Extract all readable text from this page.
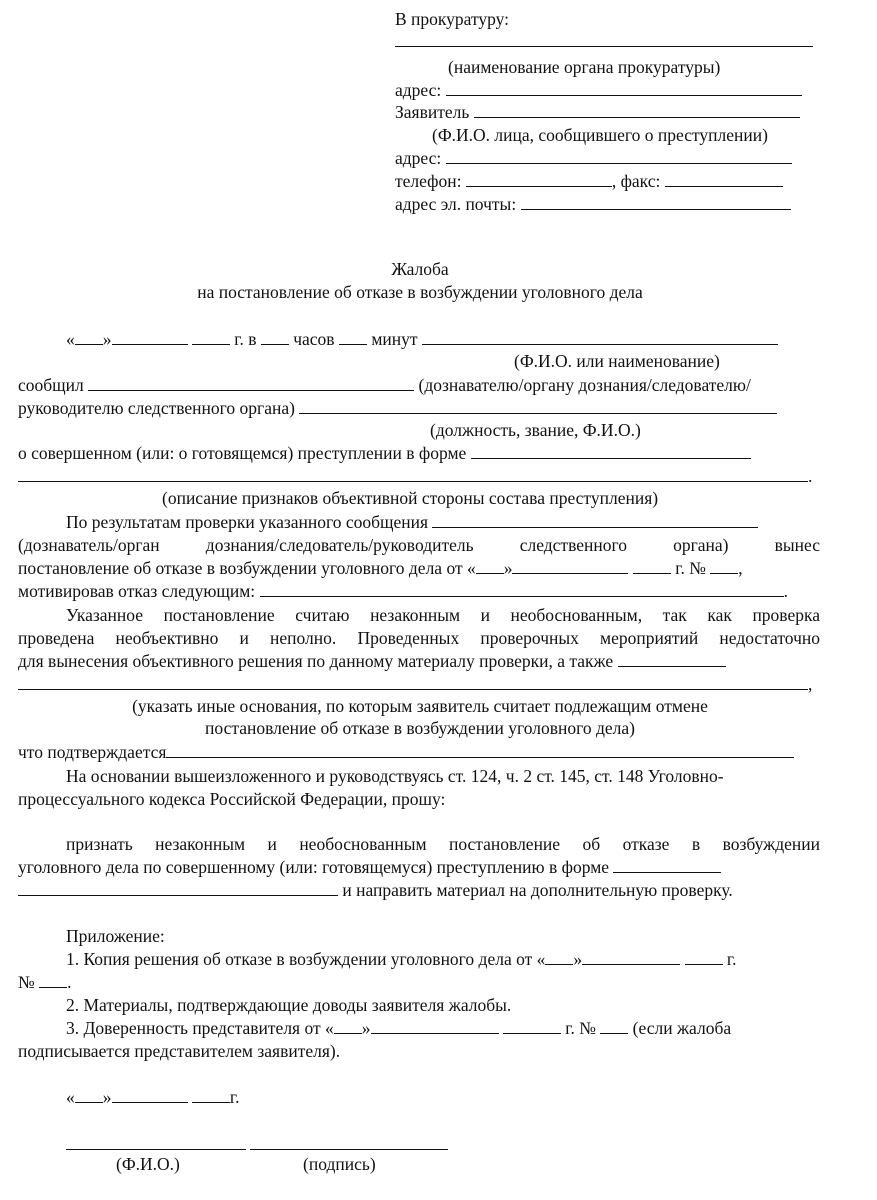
В прокуратуру:
(наименование органа прокуратуры)
адрес:
Заявитель
(Ф.И.О. лица, сообщившего о преступлении)
адрес:
телефон:	, факс:
адрес эл. почты:
Жалоба
на постановление об отказе в возбуждении уголовного дела
« »	г. в часов минут
(Ф.И.О. или наименование)
сообщил	(дознавателю/органу дознания/следователю/
руководителю следственного органа)
(должность, звание, Ф.И.О.)
о совершенном (или: о готовящемся) преступлении в форме
.
(описание признаков объективной стороны состава преступления)
По результатам проверки указанного сообщения
(дознаватель/орган дознания/следователь/руководитель следственного органа) вынес
постановление об отказе в возбуждении уголовного дела от « »	г. № ,
мотивировав отказ следующим:	.
Указанное постановление считаю незаконным и необоснованным, так как проверка
проведена необъективно и неполно. Проведенных проверочных мероприятий недостаточно
для вынесения объективного решения по данному материалу проверки, а также
,
(указать иные основания, по которым заявитель считает подлежащим отмене
постановление об отказе в возбуждении уголовного дела)
что подтверждается
На основании вышеизложенного и руководствуясь ст. 124, ч. 2 ст. 145, ст. 148 Уголовно-
процессуального кодекса Российской Федерации, прошу:
признать незаконным и необоснованным постановление об отказе в возбуждении
уголовного дела по совершенному (или: готовящемуся) преступлению в форме
и направить материал на дополнительную проверку.
Приложение:
1. Копия решения об отказе в возбуждении уголовного дела от « »	г.
№ .
2. Материалы, подтверждающие доводы заявителя жалобы.
3. Доверенность представителя от « »	г. № (если жалоба
подписывается представителем заявителя).
« »	г.

(Ф.И.О.)	(подпись)
